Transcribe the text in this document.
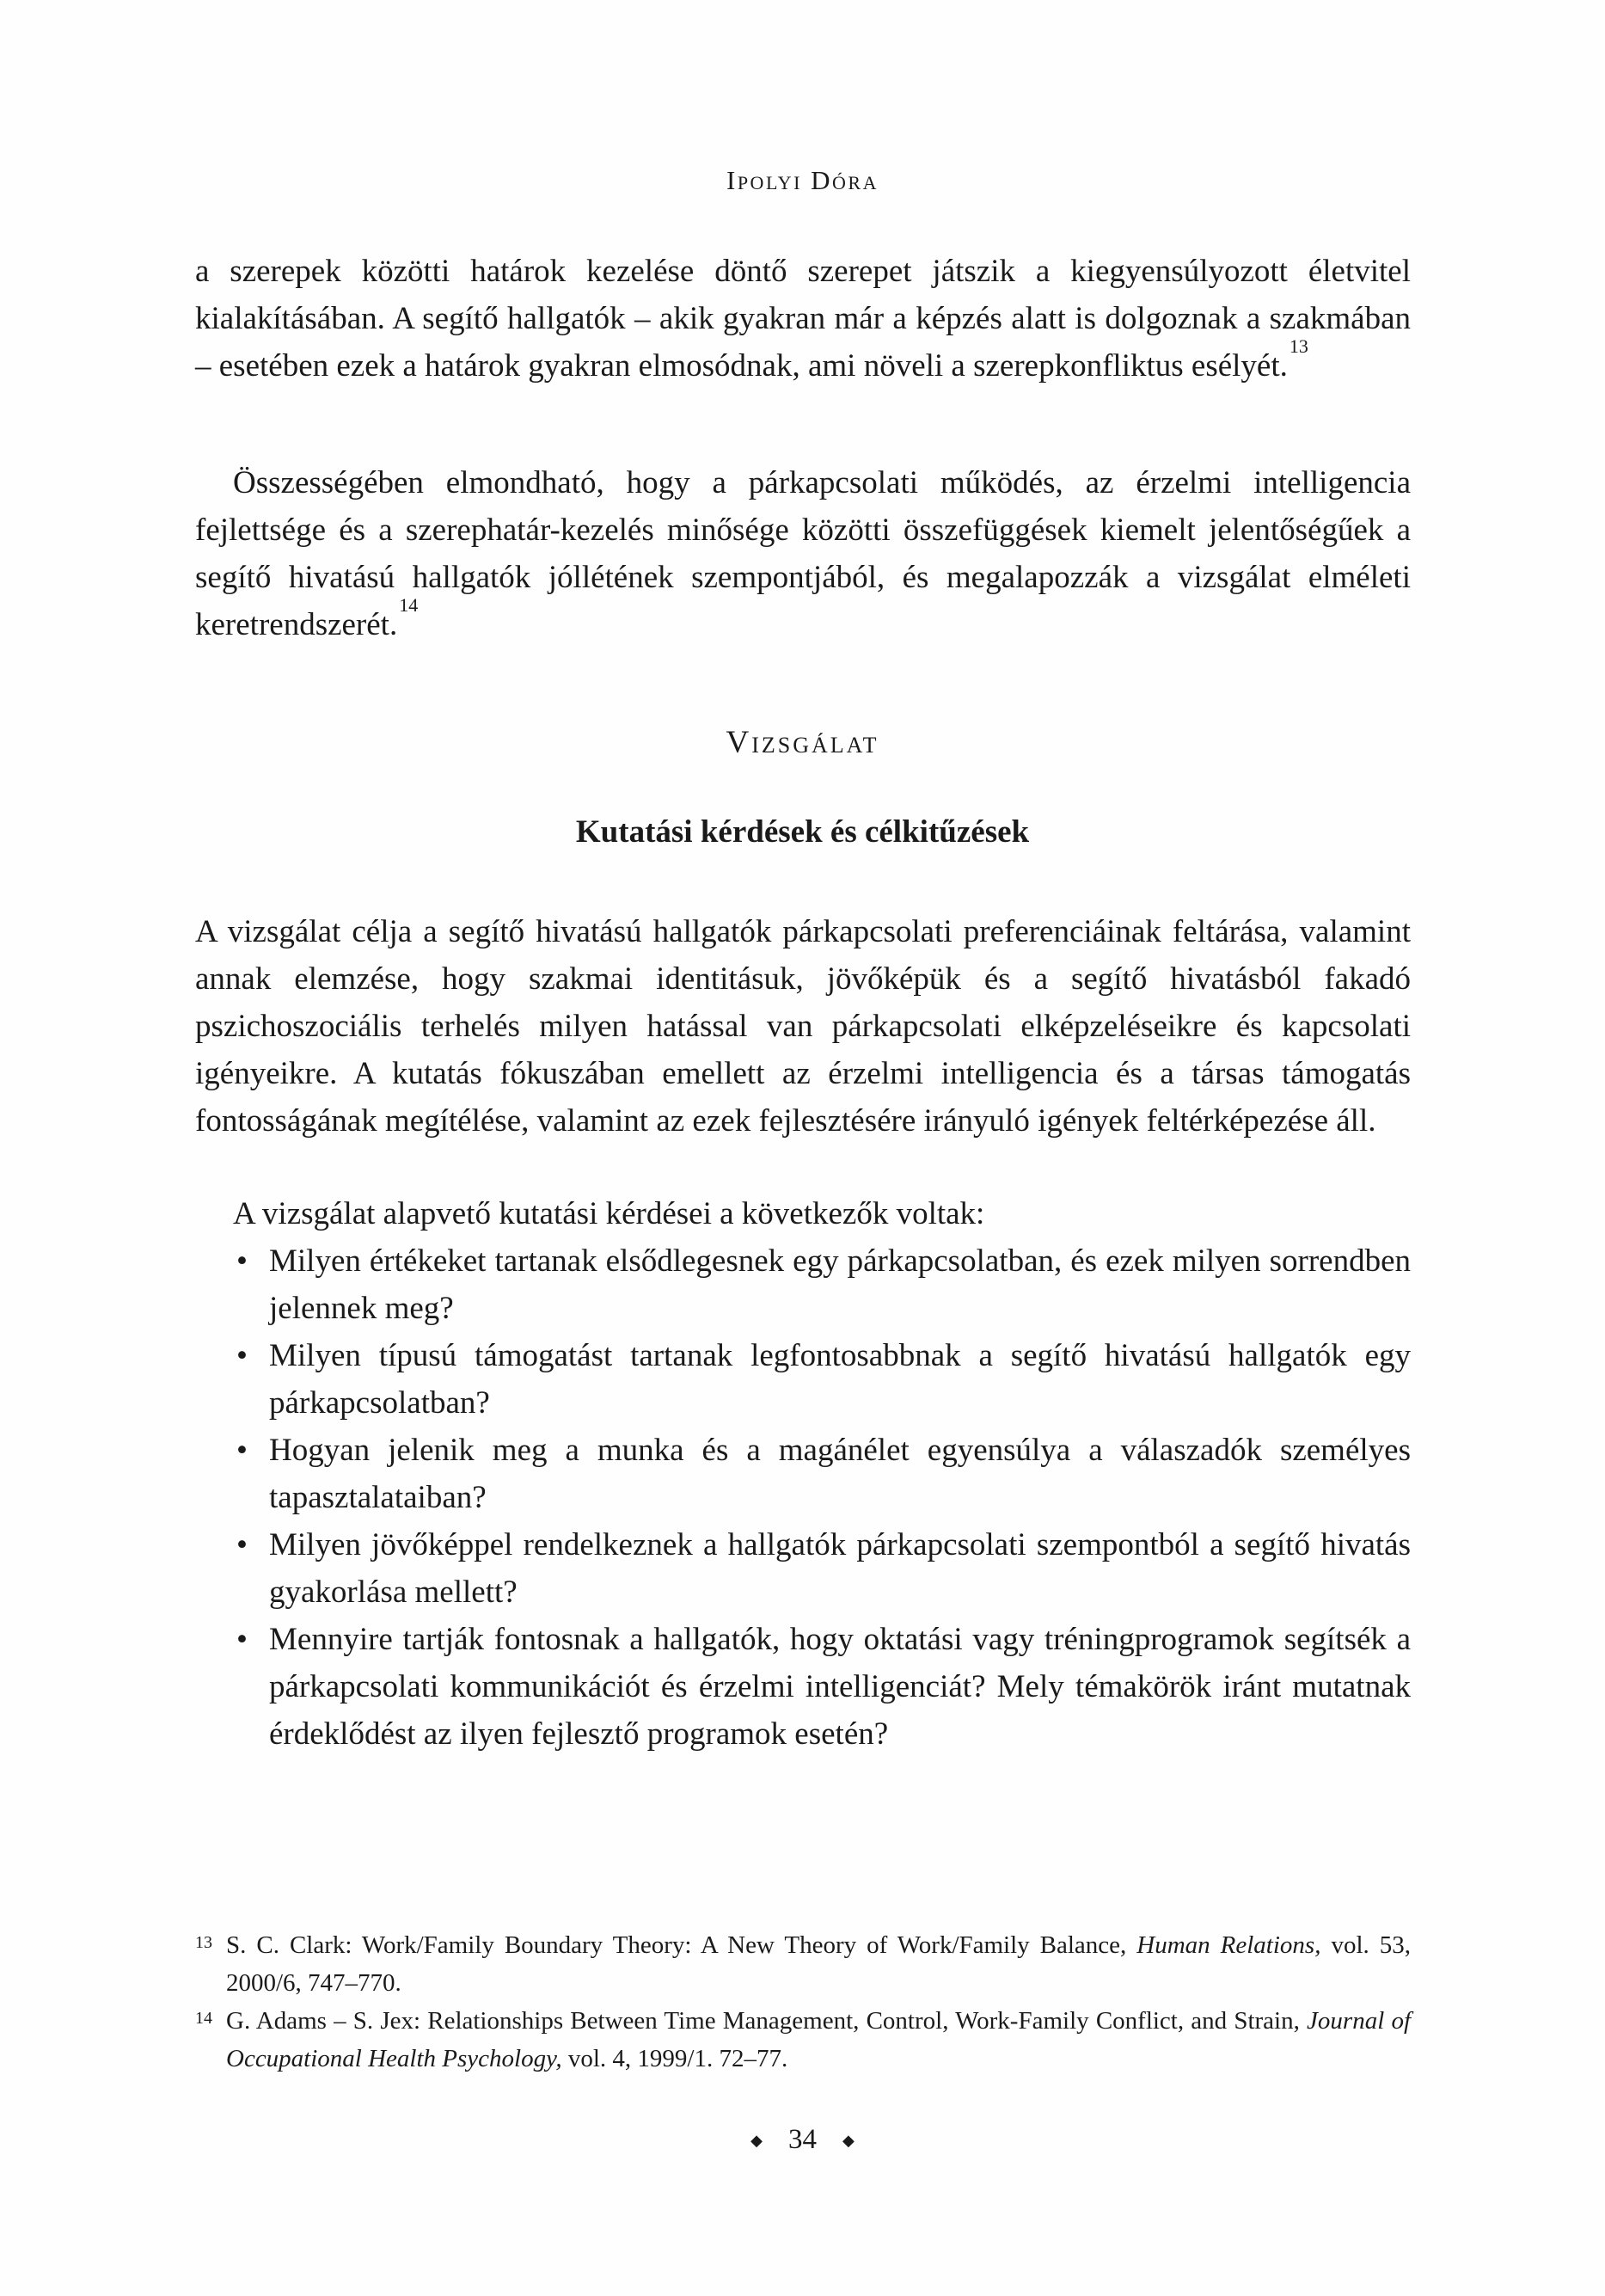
Ipolyi Dóra

a szerepek közötti határok kezelése döntő szerepet játszik a kiegyensúlyozott életvitel kialakításában. A segítő hallgatók – akik gyakran már a képzés alatt is dolgoznak a szakmában – esetében ezek a határok gyakran elmosódnak, ami növeli a szerepkonfliktus esélyét.$^{13}$

Összességében elmondható, hogy a párkapcsolati működés, az érzelmi intelligencia fejlettsége és a szerephatár-kezelés minősége közötti összefüggések kiemelt jelentőségűek a segítő hivatású hallgatók jóllétének szempontjából, és megalapozzák a vizsgálat elméleti keretrendszerét.$^{14}$

Vizsgálat
Kutatási kérdések és célkitűzések

A vizsgálat célja a segítő hivatású hallgatók párkapcsolati preferenciáinak feltárása, valamint annak elemzése, hogy szakmai identitásuk, jövőképük és a segítő hivatásból fakadó pszichoszociális terhelés milyen hatással van párkapcsolati elképzeléseikre és kapcsolati igényeikre. A kutatás fókuszában emellett az érzelmi intelligencia és a társas támogatás fontosságának megítélése, valamint az ezek fejlesztésére irányuló igények feltérképezése áll.

A vizsgálat alapvető kutatási kérdései a következők voltak:

• Milyen értékeket tartanak elsődlegesnek egy párkapcsolatban, és ezek milyen sorrendben jelennek meg?
• Milyen típusú támogatást tartanak legfontosabbnak a segítő hivatású hallgatók egy párkapcsolatban?
• Hogyan jelenik meg a munka és a magánélet egyensúlya a válaszadók személyes tapasztalataiban?
• Milyen jövőképpel rendelkeznek a hallgatók párkapcsolati szempontból a segítő hivatás gyakorlása mellett?
• Mennyire tartják fontosnak a hallgatók, hogy oktatási vagy tréningprogramok segítsék a párkapcsolati kommunikációt és érzelmi intelligenciát? Mely témakörök iránt mutatnak érdeklődést az ilyen fejlesztő programok esetén?
13 S. C. Clark: Work/Family Boundary Theory: A New Theory of Work/Family Balance, Human Relations, vol. 53, 2000/6, 747–770.
14 G. Adams – S. Jex: Relationships Between Time Management, Control, Work-Family Conflict, and Strain, Journal of Occupational Health Psychology, vol. 4, 1999/1. 72–77.
◆ 34 ◆
